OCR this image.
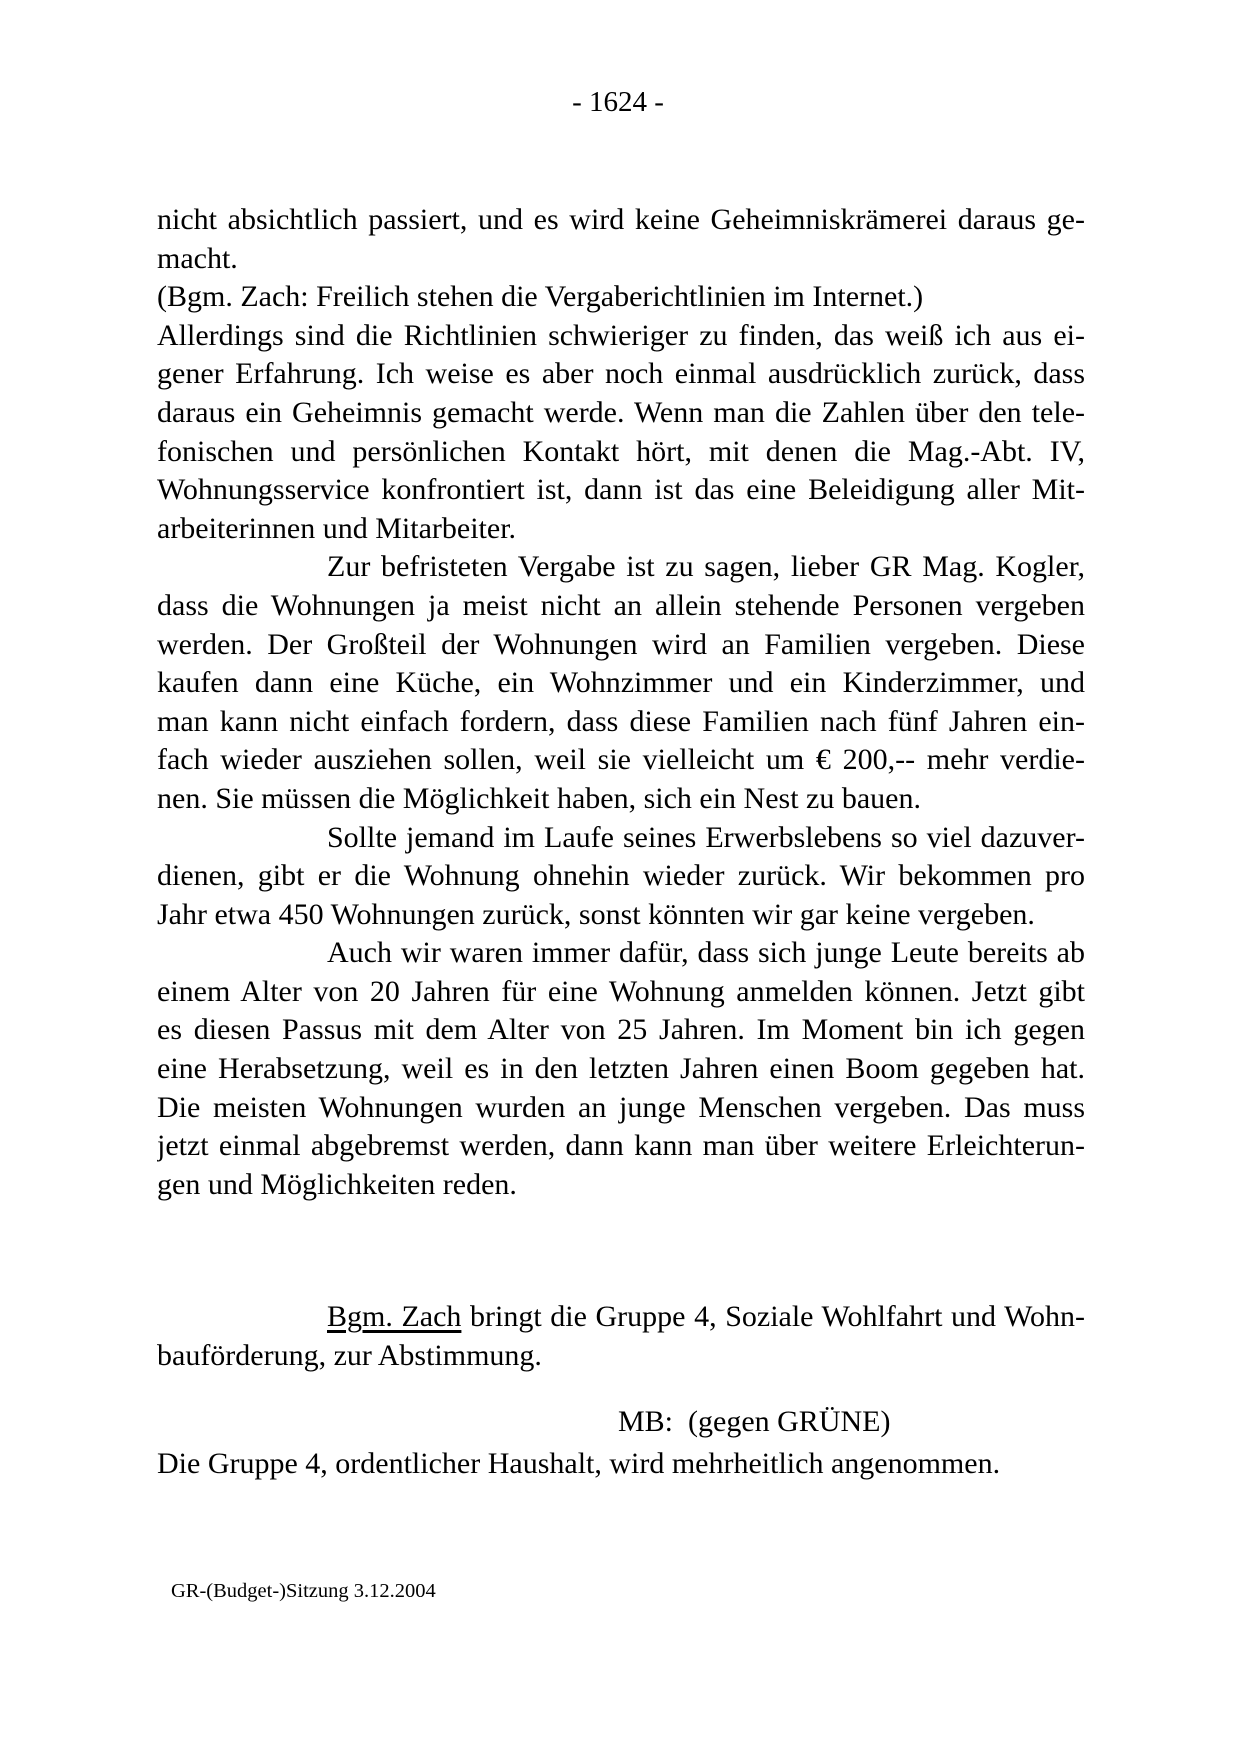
- 1624 -
nicht absichtlich passiert, und es wird keine Geheimniskrämerei daraus ge-
macht.
(Bgm. Zach: Freilich stehen die Vergaberichtlinien im Internet.)
Allerdings sind die Richtlinien schwieriger zu finden, das weiß ich aus ei-
gener Erfahrung. Ich weise es aber noch einmal ausdrücklich zurück, dass
daraus ein Geheimnis gemacht werde. Wenn man die Zahlen über den tele-
fonischen und persönlichen Kontakt hört, mit denen die Mag.-Abt. IV,
Wohnungsservice konfrontiert ist, dann ist das eine Beleidigung aller Mit-
arbeiterinnen und Mitarbeiter.
Zur befristeten Vergabe ist zu sagen, lieber GR Mag. Kogler,
dass die Wohnungen ja meist nicht an allein stehende Personen vergeben
werden. Der Großteil der Wohnungen wird an Familien vergeben. Diese
kaufen dann eine Küche, ein Wohnzimmer und ein Kinderzimmer, und
man kann nicht einfach fordern, dass diese Familien nach fünf Jahren ein-
fach wieder ausziehen sollen, weil sie vielleicht um € 200,-- mehr verdie-
nen. Sie müssen die Möglichkeit haben, sich ein Nest zu bauen.
Sollte jemand im Laufe seines Erwerbslebens so viel dazuver-
dienen, gibt er die Wohnung ohnehin wieder zurück. Wir bekommen pro
Jahr etwa 450 Wohnungen zurück, sonst könnten wir gar keine vergeben.
Auch wir waren immer dafür, dass sich junge Leute bereits ab
einem Alter von 20 Jahren für eine Wohnung anmelden können. Jetzt gibt
es diesen Passus mit dem Alter von 25 Jahren. Im Moment bin ich gegen
eine Herabsetzung, weil es in den letzten Jahren einen Boom gegeben hat.
Die meisten Wohnungen wurden an junge Menschen vergeben. Das muss
jetzt einmal abgebremst werden, dann kann man über weitere Erleichterun-
gen und Möglichkeiten reden.
Bgm. Zach bringt die Gruppe 4, Soziale Wohlfahrt und Wohn-
bauförderung, zur Abstimmung.
MB:  (gegen GRÜNE)
Die Gruppe 4, ordentlicher Haushalt, wird mehrheitlich angenommen.
GR-(Budget-)Sitzung 3.12.2004
